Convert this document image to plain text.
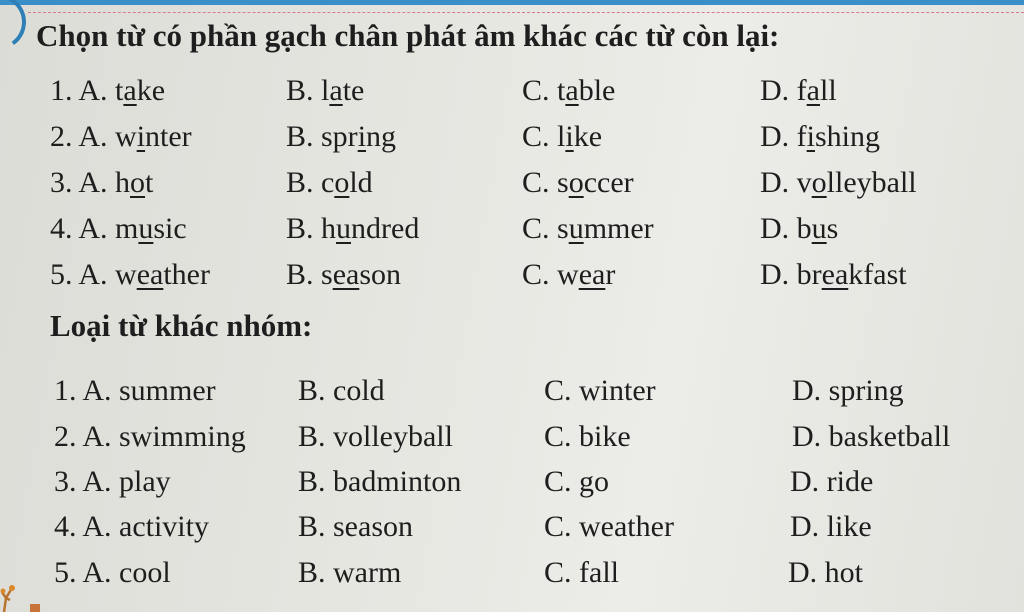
Chọn từ có phần gạch chân phát âm khác các từ còn lại:
1. A. take	B. late	C. table	D. fall
2. A. winter	B. spring	C. like	D. fishing
3. A. hot	B. cold	C. soccer	D. volleyball
4. A. music	B. hundred	C. summer	D. bus
5. A. weather	B. season	C. wear	D. breakfast
Loại từ khác nhóm:
1. A. summer	B. cold	C. winter	D. spring
2. A. swimming B. volleyball	C. bike	D. basketball
3. A. play	B. badminton	C. go	D. ride
4. A. activity	B. season	C. weather	D. like
5. A. cool	B. warm	C. fall	D. hot
